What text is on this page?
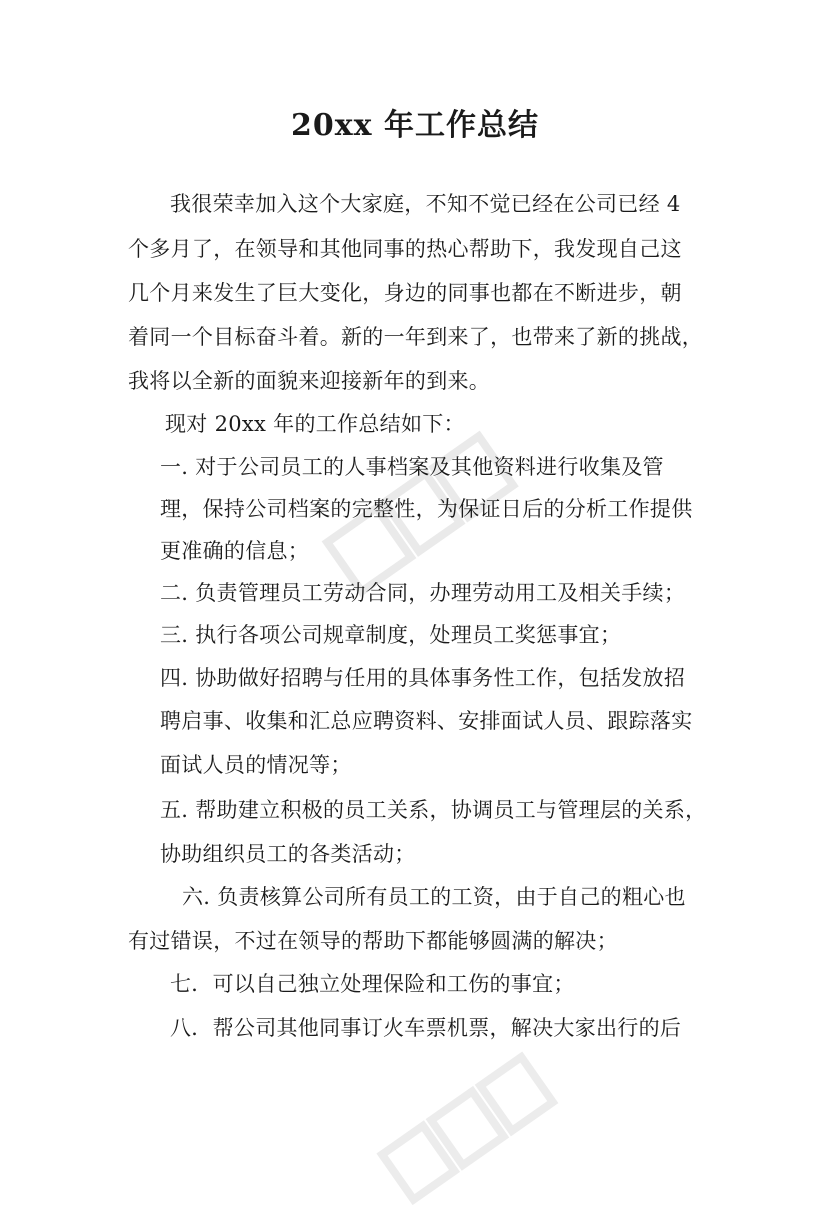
20xx 年工作总结
我很荣幸加入这个大家庭，不知不觉已经在公司已经 4
个多月了，在领导和其他同事的热心帮助下，我发现自己这
几个月来发生了巨大变化，身边的同事也都在不断进步，朝
着同一个目标奋斗着。新的一年到来了，也带来了新的挑战，
我将以全新的面貌来迎接新年的到来。
现对 20xx 年的工作总结如下：
一. 对于公司员工的人事档案及其他资料进行收集及管
理，保持公司档案的完整性，为保证日后的分析工作提供
更准确的信息；
二. 负责管理员工劳动合同，办理劳动用工及相关手续；
三. 执行各项公司规章制度，处理员工奖惩事宜；
四. 协助做好招聘与任用的具体事务性工作，包括发放招
聘启事、收集和汇总应聘资料、安排面试人员、跟踪落实
面试人员的情况等；
五. 帮助建立积极的员工关系，协调员工与管理层的关系，
协助组织员工的各类活动；
六. 负责核算公司所有员工的工资，由于自己的粗心也
有过错误，不过在领导的帮助下都能够圆满的解决；
七．可以自己独立处理保险和工伤的事宜；
八．帮公司其他同事订火车票机票，解决大家出行的后
